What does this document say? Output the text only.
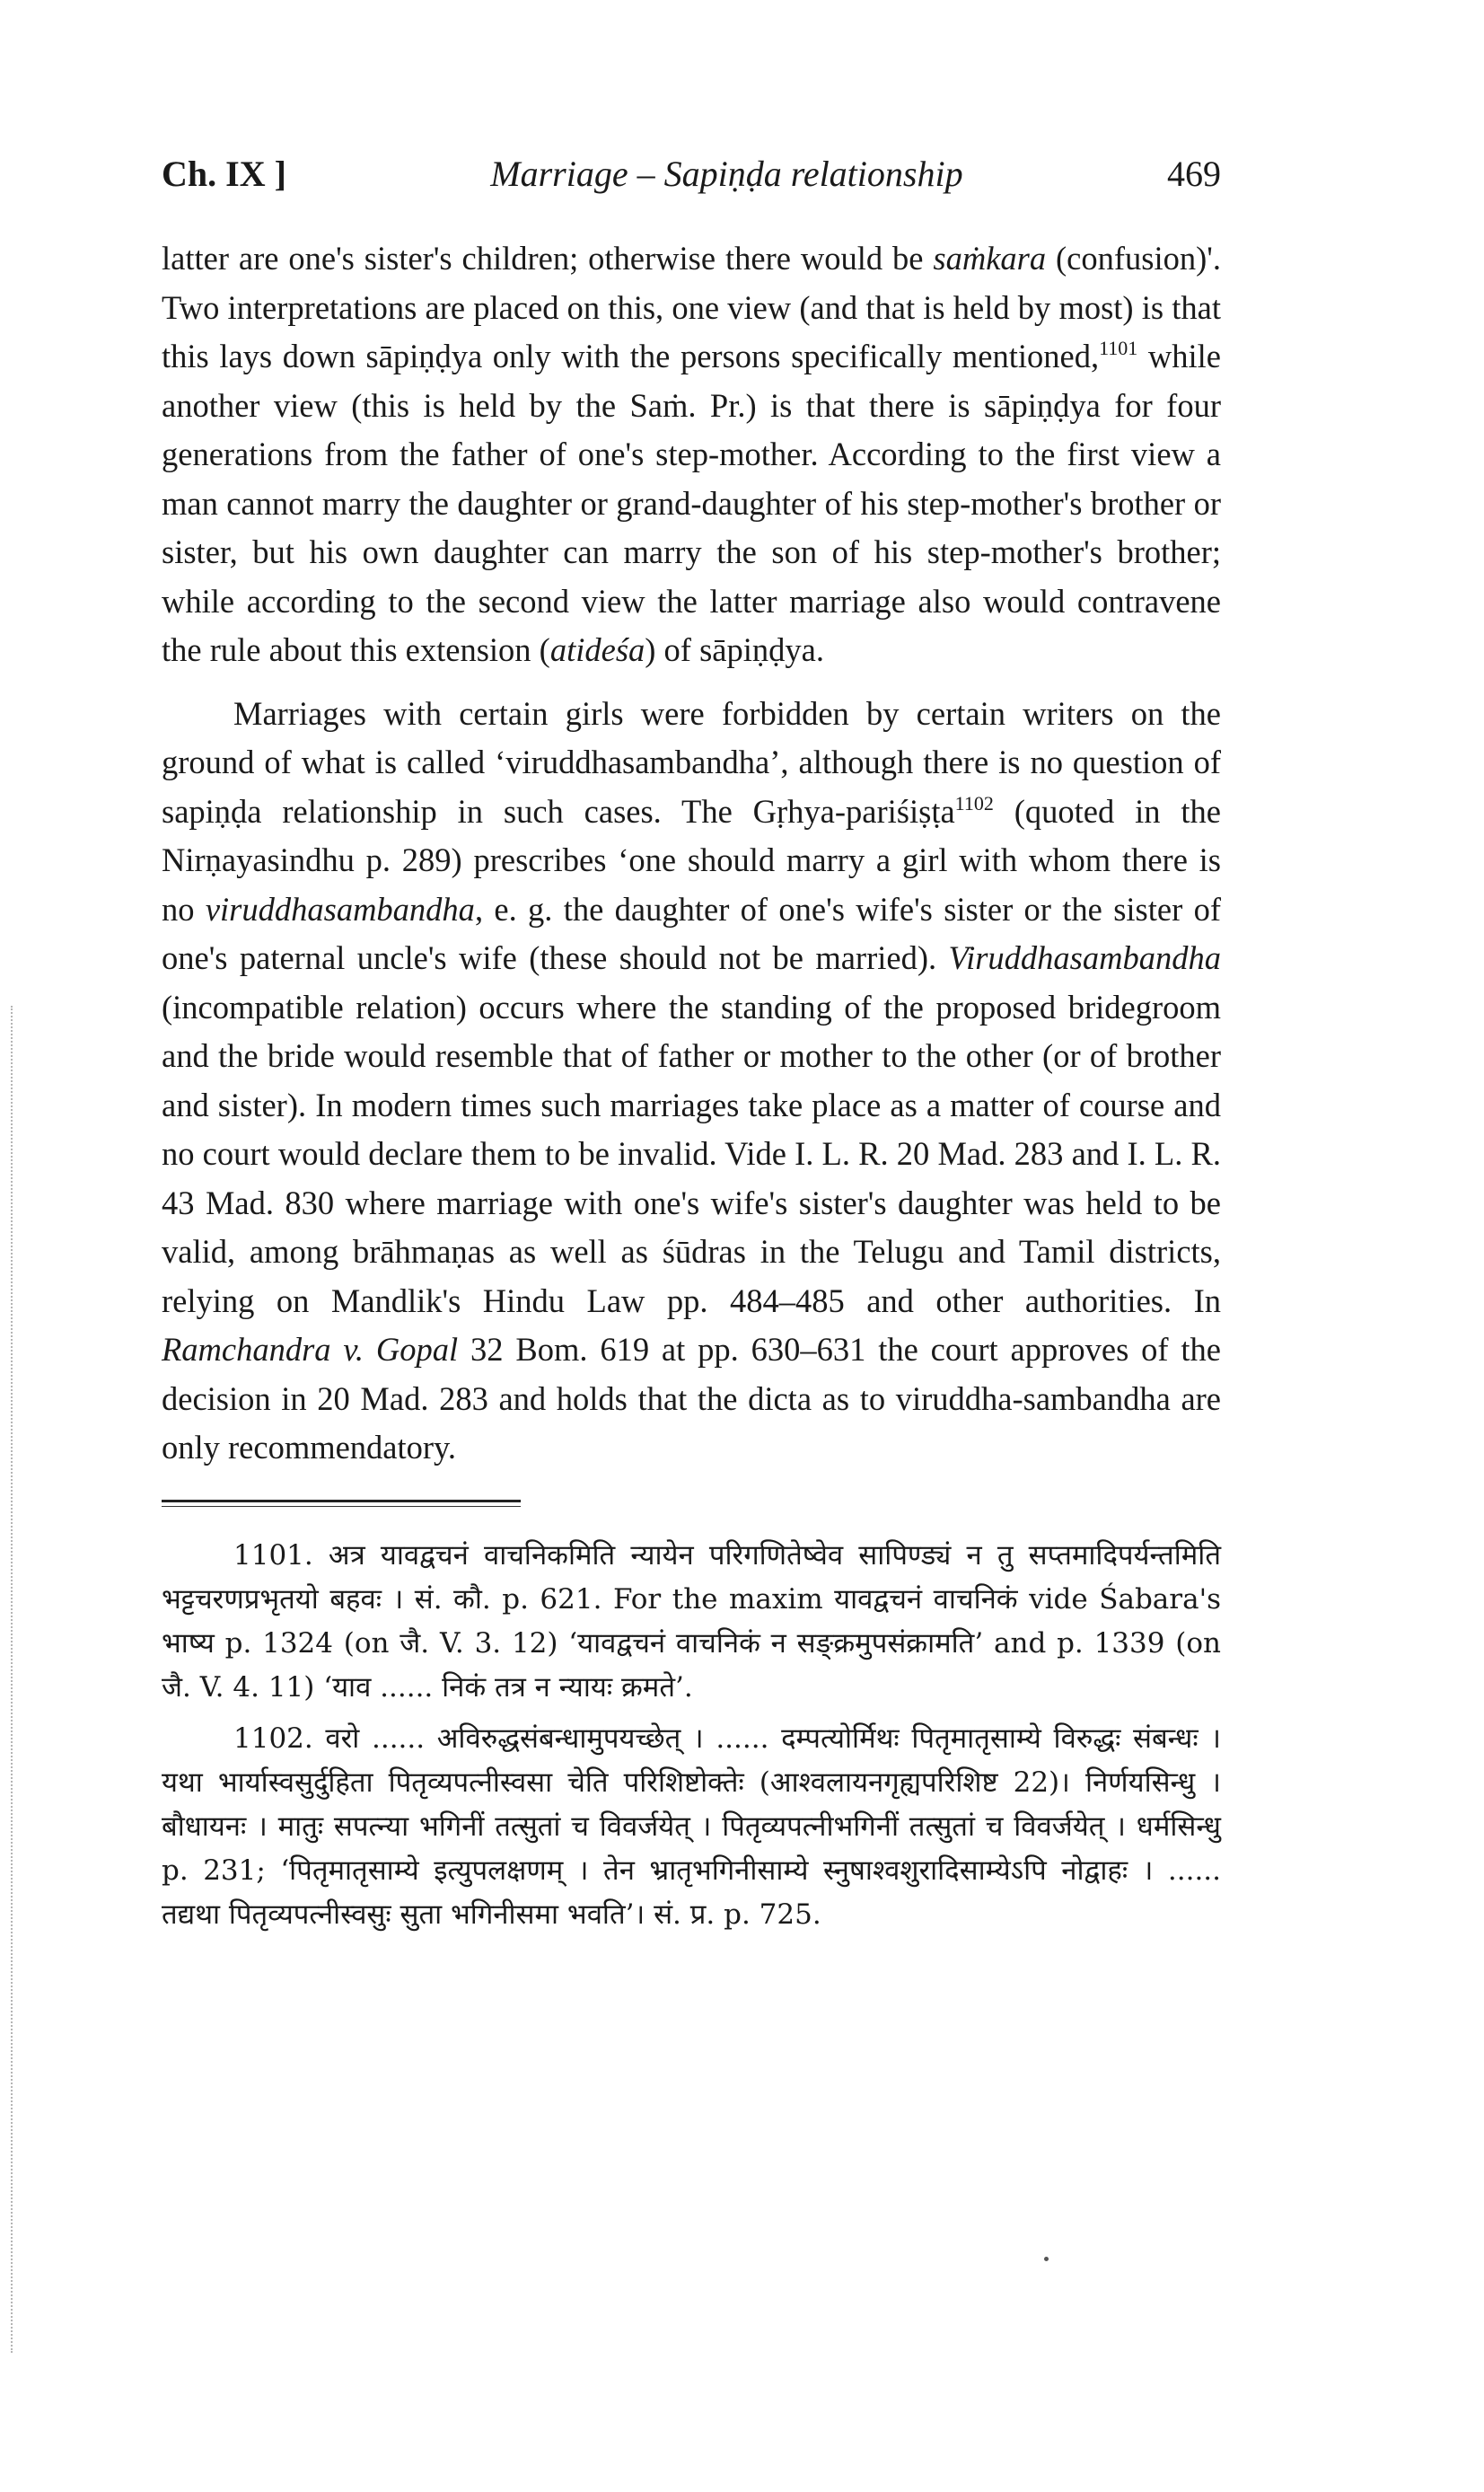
Ch. IX ]	Marriage – Sapiṇḍa relationship	469

latter are one's sister's children; otherwise there would be saṁkara (confusion)'. Two interpretations are placed on this, one view (and that is held by most) is that this lays down sāpiṇḍya only with the persons specifically mentioned,$^{1101}$ while another view (this is held by the Saṁ. Pr.) is that there is sāpiṇḍya for four generations from the father of one's step-mother. According to the first view a man cannot marry the daughter or grand-daughter of his step-mother's brother or sister, but his own daughter can marry the son of his step-mother's brother; while according to the second view the latter marriage also would contravene the rule about this extension (atideśa) of sāpiṇḍya.

Marriages with certain girls were forbidden by certain writers on the ground of what is called ‘viruddhasambandha’, although there is no question of sapiṇḍa relationship in such cases. The Gṛhya-pariśiṣṭa$^{1102}$ (quoted in the Nirṇayasindhu p. 289) prescribes ‘one should marry a girl with whom there is no viruddhasambandha, e. g. the daughter of one's wife's sister or the sister of one's paternal uncle's wife (these should not be married). Viruddhasambandha (incompatible relation) occurs where the standing of the proposed bridegroom and the bride would resemble that of father or mother to the other (or of brother and sister). In modern times such marriages take place as a matter of course and no court would declare them to be invalid. Vide I. L. R. 20 Mad. 283 and I. L. R. 43 Mad. 830 where marriage with one's wife's sister's daughter was held to be valid, among brāhmaṇas as well as śūdras in the Telugu and Tamil districts, relying on Mandlik's Hindu Law pp. 484–485 and other authorities. In Ramchandra v. Gopal 32 Bom. 619 at pp. 630–631 the court approves of the decision in 20 Mad. 283 and holds that the dicta as to viruddha-sambandha are only recommendatory.

1101. अत्र यावद्वचनं वाचनिकमिति न्यायेन परिगणितेष्वेव सापिण्ड्यं न तु सप्तमादिपर्यन्तमिति भट्टचरणप्रभृतयो बहवः । सं. कौ. p. 621. For the maxim यावद्वचनं वाचनिकं vide Śabara's भाष्य p. 1324 (on जै. V. 3. 12) ‘यावद्वचनं वाचनिकं न सङ्क्रमुपसंक्रामति’ and p. 1339 (on जै. V. 4. 11) ‘याव ...... निकं तत्र न न्यायः क्रमते’.

1102. वरो ...... अविरुद्धसंबन्धामुपयच्छेत् । ...... दम्पत्योर्मिथः पितृमातृसाम्ये विरुद्धः संबन्धः । यथा भार्यास्वसुर्दुहिता पितृव्यपत्नीस्वसा चेति परिशिष्टोक्तेः (आश्वलायनगृह्यपरिशिष्ट 22)। निर्णयसिन्धु । बौधायनः । मातुः सपत्न्या भगिनीं तत्सुतां च विवर्जयेत् । पितृव्यपत्नीभगिनीं तत्सुतां च विवर्जयेत् । धर्मसिन्धु p. 231; ‘पितृमातृसाम्ये इत्युपलक्षणम् । तेन भ्रातृभगिनीसाम्ये स्नुषाश्वशुरादिसाम्येऽपि नोद्वाहः । ...... तद्यथा पितृव्यपत्नीस्वसुः सुता भगिनीसमा भवति’। सं. प्र. p. 725.
